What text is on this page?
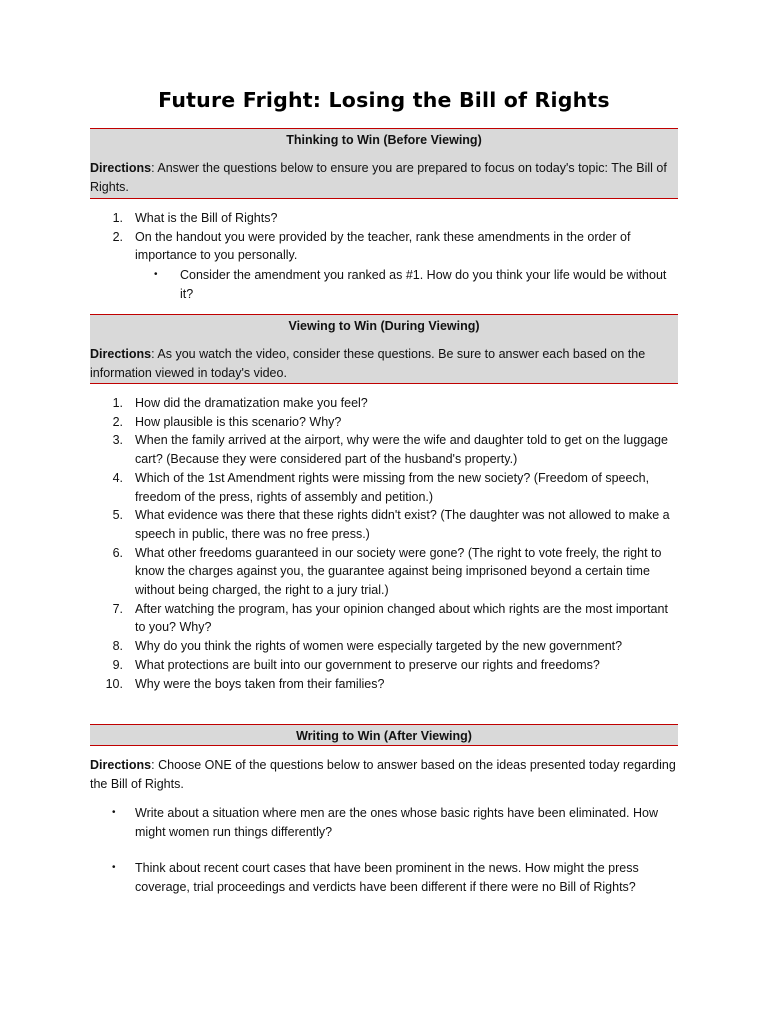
Future Fright: Losing the Bill of Rights
Thinking to Win (Before Viewing)
Directions: Answer the questions below to ensure you are prepared to focus on today's topic: The Bill of Rights.
1. What is the Bill of Rights?
2. On the handout you were provided by the teacher, rank these amendments in the order of importance to you personally.
•	Consider the amendment you ranked as #1. How do you think your life would be without it?
Viewing to Win (During Viewing)
Directions: As you watch the video, consider these questions. Be sure to answer each based on the information viewed in today's video.
1. How did the dramatization make you feel?
2. How plausible is this scenario? Why?
3. When the family arrived at the airport, why were the wife and daughter told to get on the luggage cart? (Because they were considered part of the husband's property.)
4. Which of the 1st Amendment rights were missing from the new society? (Freedom of speech, freedom of the press, rights of assembly and petition.)
5. What evidence was there that these rights didn't exist? (The daughter was not allowed to make a speech in public, there was no free press.)
6. What other freedoms guaranteed in our society were gone? (The right to vote freely, the right to know the charges against you, the guarantee against being imprisoned beyond a certain time without being charged, the right to a jury trial.)
7. After watching the program, has your opinion changed about which rights are the most important to you? Why?
8. Why do you think the rights of women were especially targeted by the new government?
9. What protections are built into our government to preserve our rights and freedoms?
10. Why were the boys taken from their families?
Writing to Win (After Viewing)
Directions: Choose ONE of the questions below to answer based on the ideas presented today regarding the Bill of Rights.
•	Write about a situation where men are the ones whose basic rights have been eliminated. How might women run things differently?
•	Think about recent court cases that have been prominent in the news. How might the press coverage, trial proceedings and verdicts have been different if there were no Bill of Rights?
